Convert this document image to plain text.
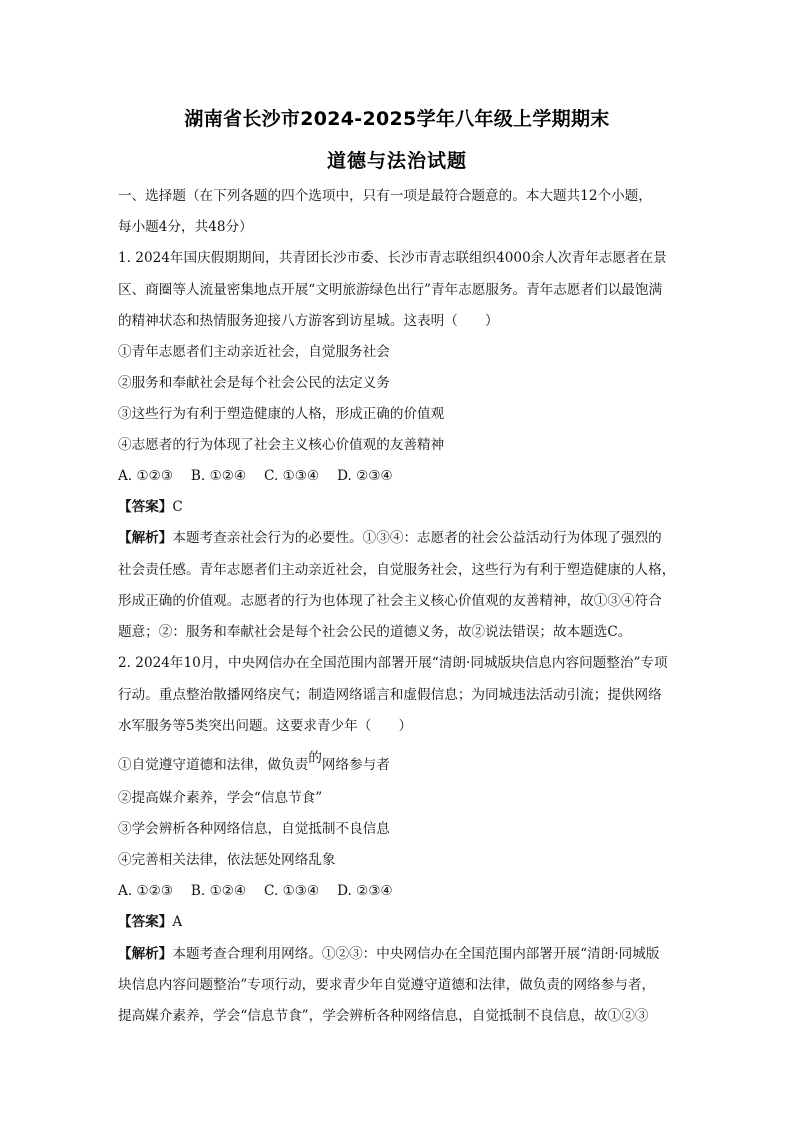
湖南省长沙市2024-2025学年八年级上学期期末
道德与法治试题
一、选择题（在下列各题的四个选项中，只有一项是最符合题意的。本大题共12个小题，
每小题4分，共48分）
1. 2024年国庆假期期间，共青团长沙市委、长沙市青志联组织4000余人次青年志愿者在景
区、商圈等人流量密集地点开展“文明旅游绿色出行”青年志愿服务。青年志愿者们以最饱满
的精神状态和热情服务迎接八方游客到访星城。这表明（　　）
①青年志愿者们主动亲近社会，自觉服务社会
②服务和奉献社会是每个社会公民的法定义务
③这些行为有利于塑造健康的人格，形成正确的价值观
④志愿者的行为体现了社会主义核心价值观的友善精神
A. ①②③　 B. ①②④　 C. ①③④　 D. ②③④
【答案】C
【解析】本题考查亲社会行为的必要性。①③④：志愿者的社会公益活动行为体现了强烈的
社会责任感。青年志愿者们主动亲近社会，自觉服务社会，这些行为有利于塑造健康的人格，
形成正确的价值观。志愿者的行为也体现了社会主义核心价值观的友善精神，故①③④符合
题意；②：服务和奉献社会是每个社会公民的道德义务，故②说法错误；故本题选C。
2. 2024年10月，中央网信办在全国范围内部署开展“清朗·同城版块信息内容问题整治”专项
行动。重点整治散播网络戾气；制造网络谣言和虚假信息；为同城违法活动引流；提供网络
水军服务等5类突出问题。这要求青少年（　　）
①自觉遵守道德和法律，做负责的网络参与者
②提高媒介素养，学会“信息节食”
③学会辨析各种网络信息，自觉抵制不良信息
④完善相关法律，依法惩处网络乱象
A. ①②③　 B. ①②④　 C. ①③④　 D. ②③④
【答案】A
【解析】本题考查合理利用网络。①②③：中央网信办在全国范围内部署开展“清朗·同城版
块信息内容问题整治”专项行动，要求青少年自觉遵守道德和法律，做负责的网络参与者，
提高媒介素养，学会“信息节食”，学会辨析各种网络信息，自觉抵制不良信息，故①②③
